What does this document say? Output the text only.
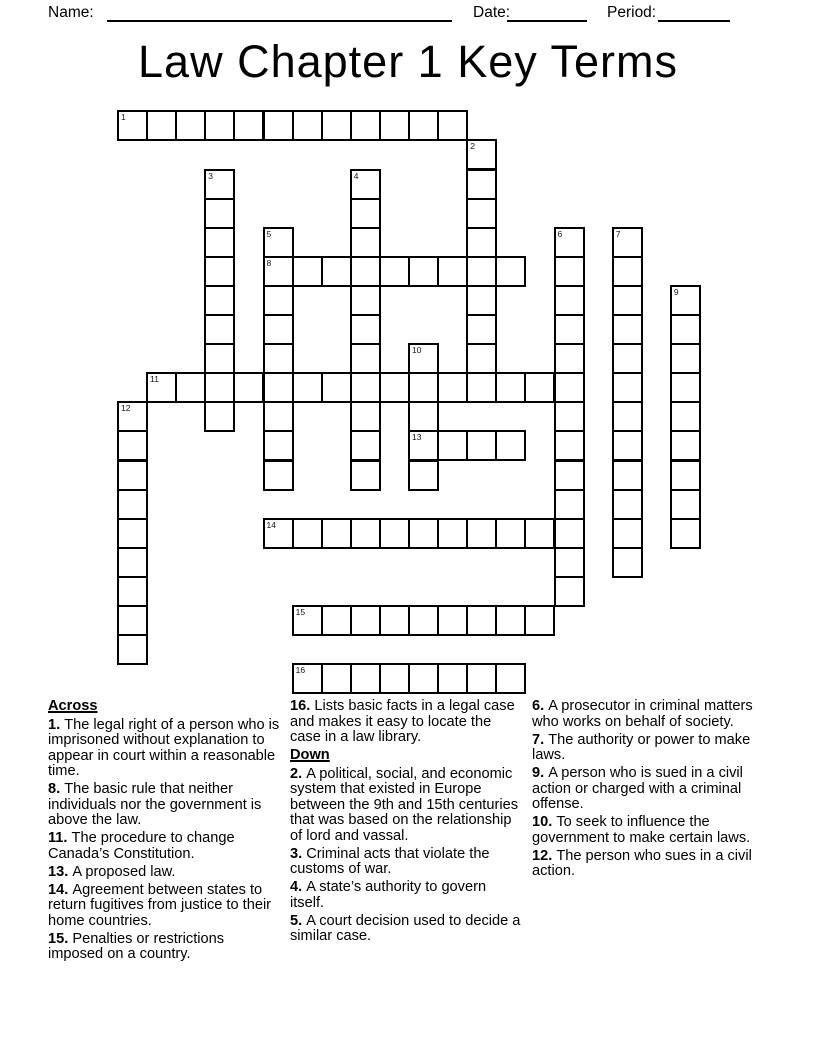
Name:	Date:	Period:
Law Chapter 1 Key Terms
1
2
3	4
5
8
6	7
9
10
13
11
12
14
15
16
Across
1. The legal right of a person who is imprisoned without explanation to appear in court within a reasonable time.
8. The basic rule that neither individuals nor the government is above the law.
11. The procedure to change Canada’s Constitution.
13. A proposed law.
14. Agreement between states to return fugitives from justice to their home countries.
15. Penalties or restrictions imposed on a country.
16. Lists basic facts in a legal case and makes it easy to locate the case in a law library.
Down
2. A political, social, and economic system that existed in Europe between the 9th and 15th centuries that was based on the relationship of lord and vassal.
3. Criminal acts that violate the customs of war.
4. A state’s authority to govern itself.
5. A court decision used to decide a similar case.
6. A prosecutor in criminal matters who works on behalf of society.
7. The authority or power to make laws.
9. A person who is sued in a civil action or charged with a criminal offense.
10. To seek to influence the government to make certain laws.
12. The person who sues in a civil action.
